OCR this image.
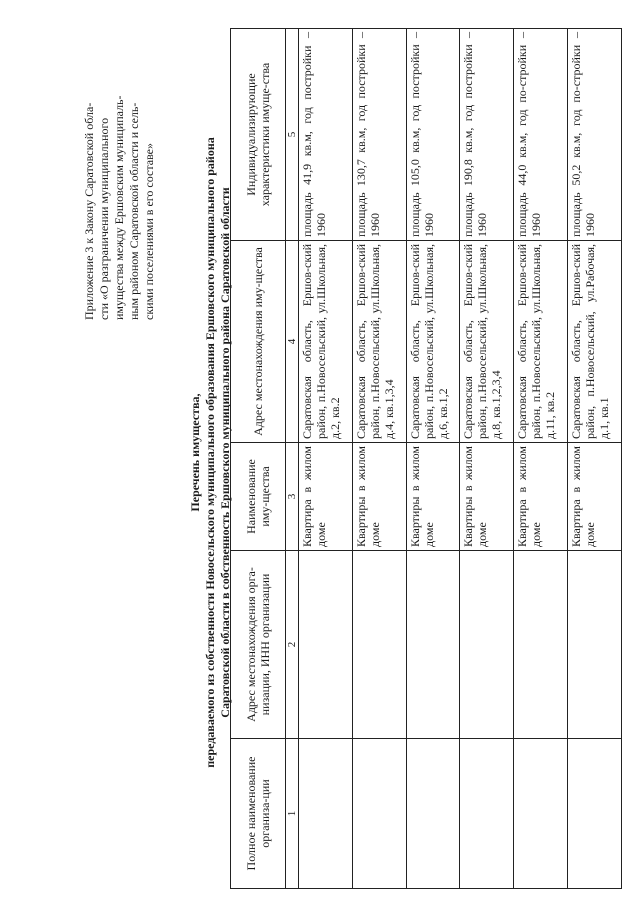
Приложение 3 к Закону Саратовской обла- сти «О разграничении муниципального имущества между Ершовским муниципаль- ным районом Саратовской области и сель- скими поселениями в его составе»
Перечень имущества, передаваемого из собственности Новосельского муниципального образования Ершовского муниципального района Саратовской области в собственность Ершовского муниципального района Саратовской области
Полное наименование организа-ции	Адрес местонахождения орга-низации, ИНН организации	Наименование иму-щества	Адрес местонахождения иму-щества	Индивидуализирующие характеристики имуще-ства
1	2	3	4	5
		Квартира в жилом доме	Саратовская область, Ершов-ский район, п.Новосельский, ул.Школьная, д.2, кв.2	площадь 41,9 кв.м, год постройки – 1960
		Квартиры в жилом доме	Саратовская область, Ершов-ский район, п.Новосельский, ул.Школьная, д.4, кв.1,3,4	площадь 130,7 кв.м, год постройки – 1960
		Квартиры в жилом доме	Саратовская область, Ершов-ский район, п.Новосельский, ул.Школьная, д.6, кв.1,2	площадь 105,0 кв.м, год постройки – 1960
		Квартиры в жилом доме	Саратовская область, Ершов-ский район, п.Новосельский, ул.Школьная, д.8, кв.1,2,3,4	площадь 190,8 кв.м, год постройки – 1960
		Квартира в жилом доме	Саратовская область, Ершов-ский район, п.Новосельский, ул.Школьная, д.11, кв.2	площадь 44,0 кв.м, год по-стройки – 1960
		Квартира в жилом доме	Саратовская область, Ершов-ский район, п.Новосельский, ул.Рабочая, д.1, кв.1	площадь 50,2 кв.м, год по-стройки – 1960
